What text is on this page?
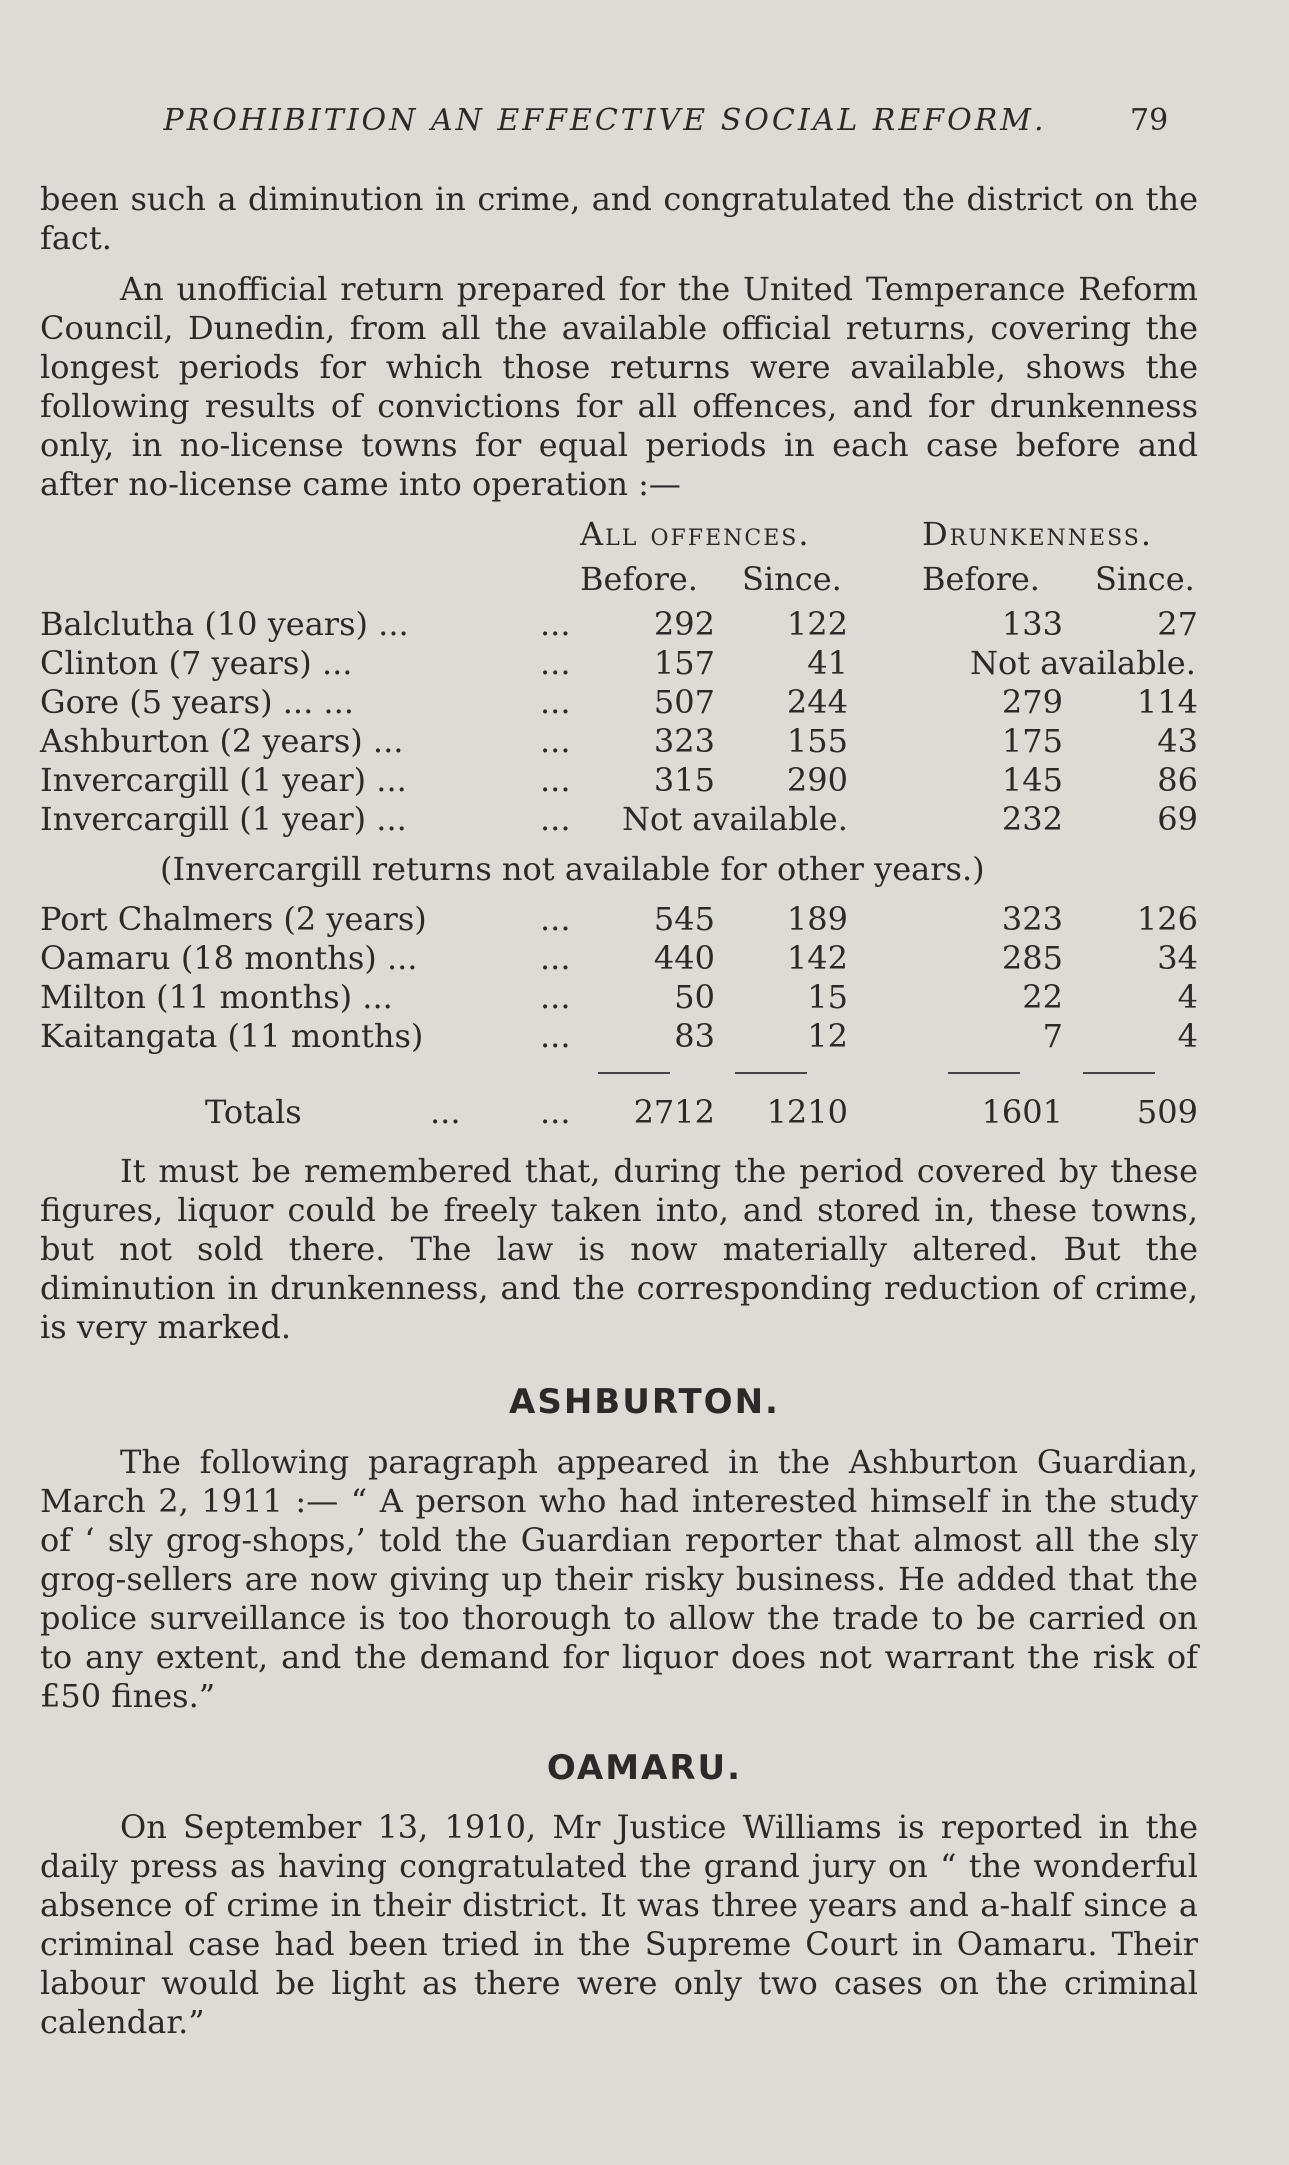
PROHIBITION AN EFFECTIVE SOCIAL REFORM.	79

been such a diminution in crime, and congratulated the district on the fact.

An unofficial return prepared for the United Temperance Reform Council, Dunedin, from all the available official returns, covering the longest periods for which those returns were available, shows the following results of convictions for all offences, and for drunkenness only, in no-license towns for equal periods in each case before and after no-license came into operation :—

All offences.	Drunkenness.
Before. Since.	Before. Since.
Balclutha (10 years) ...	...	292	122	133	27
Clinton (7 years) ...	...	157	41	Not available.
Gore (5 years) ... ...	...	507	244	279	114
Ashburton (2 years) ...	...	323	155	175	43
Invercargill (1 year) ...	...	315	290	145	86
Invercargill (1 year) ...	... Not available.	232	69
(Invercargill returns not available for other years.)
Port Chalmers (2 years)	...	545	189	323	126
Oamaru (18 months) ...	...	440	142	285	34
Milton (11 months) ...	...	50	15	22	4
Kaitangata (11 months)	...	83	12	7	4
Totals	... ...	2712	1210	1601	509

It must be remembered that, during the period covered by these figures, liquor could be freely taken into, and stored in, these towns, but not sold there. The law is now materially altered. But the diminution in drunkenness, and the corresponding reduction of crime, is very marked.

ASHBURTON.

The following paragraph appeared in the Ashburton Guardian, March 2, 1911 :— “ A person who had interested himself in the study of ‘ sly grog-shops,’ told the Guardian reporter that almost all the sly grog-sellers are now giving up their risky business. He added that the police surveillance is too thorough to allow the trade to be carried on to any extent, and the demand for liquor does not warrant the risk of £50 fines.”

OAMARU.

On September 13, 1910, Mr Justice Williams is reported in the daily press as having congratulated the grand jury on “ the wonderful absence of crime in their district. It was three years and a-half since a criminal case had been tried in the Supreme Court in Oamaru. Their labour would be light as there were only two cases on the criminal calendar.”
